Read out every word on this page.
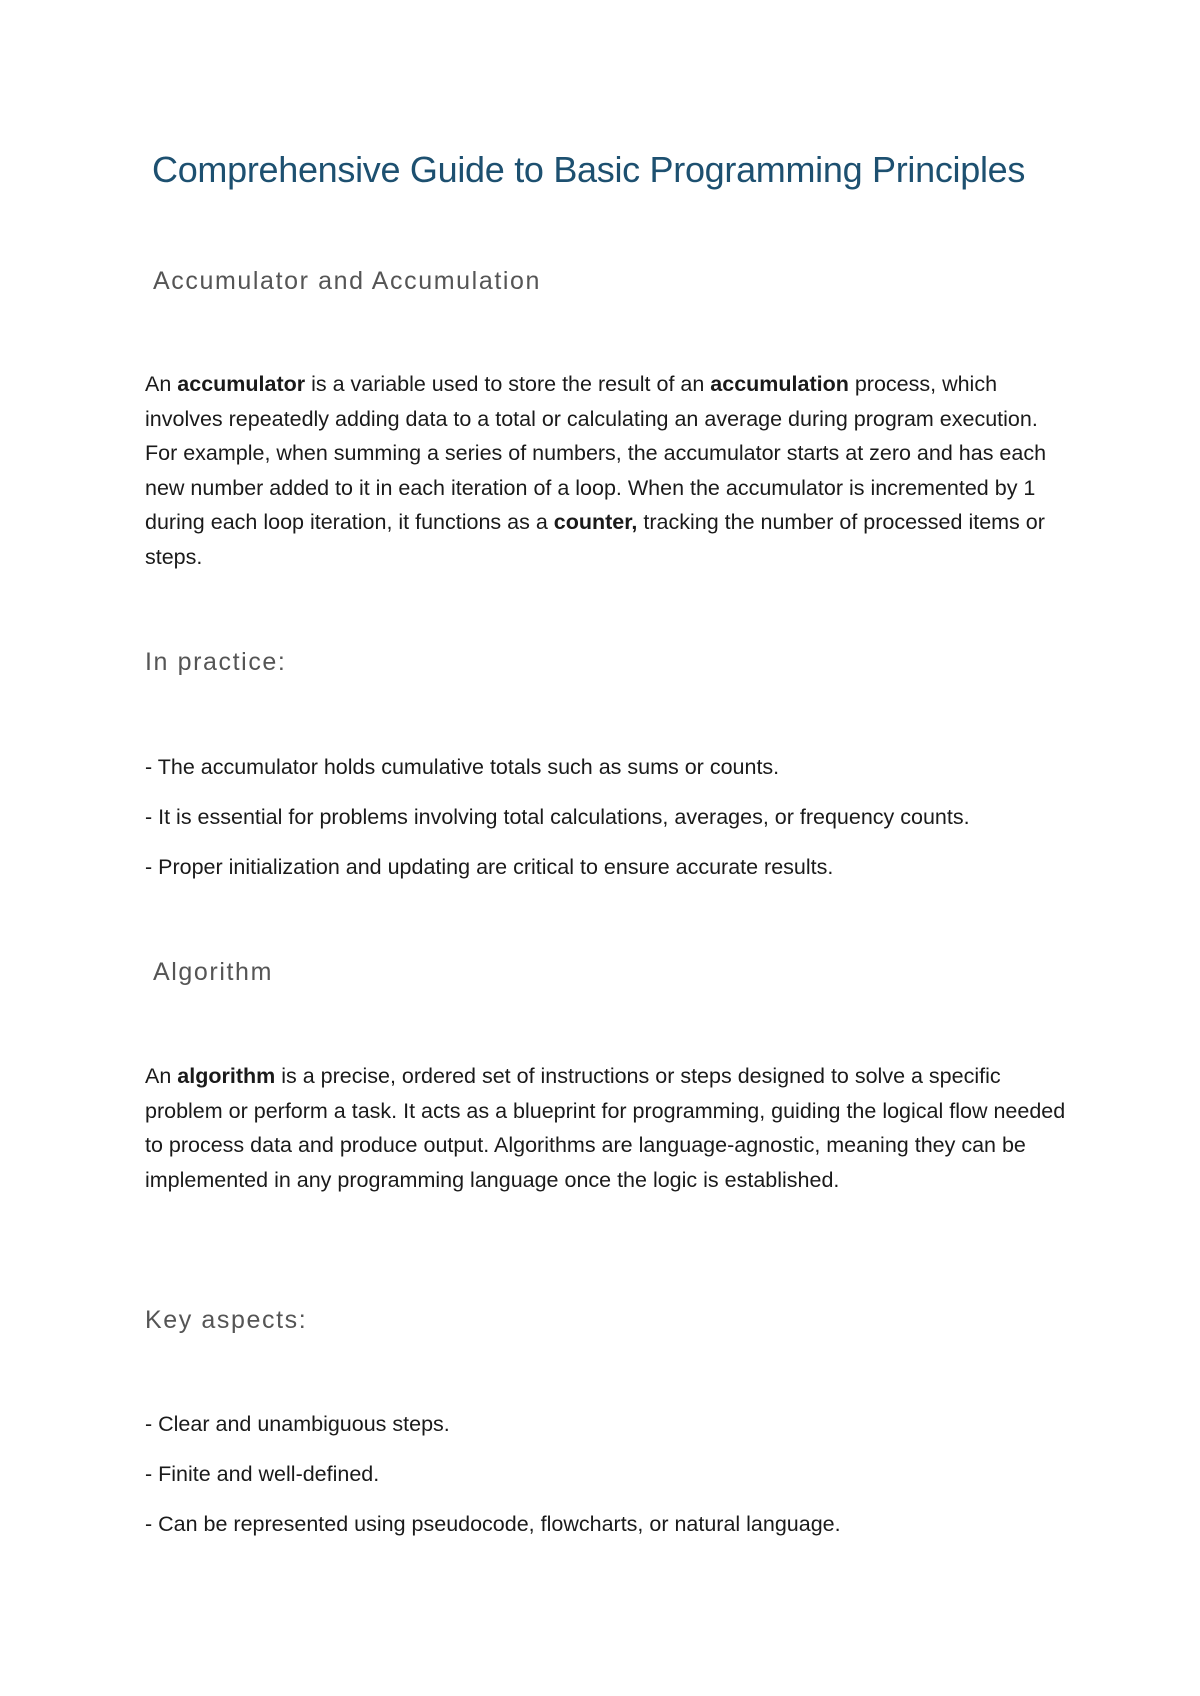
Comprehensive Guide to Basic Programming Principles
Accumulator and Accumulation

An accumulator is a variable used to store the result of an accumulation process, which involves repeatedly adding data to a total or calculating an average during program execution. For example, when summing a series of numbers, the accumulator starts at zero and has each new number added to it in each iteration of a loop. When the accumulator is incremented by 1 during each loop iteration, it functions as a counter, tracking the number of processed items or steps.

In practice:
- The accumulator holds cumulative totals such as sums or counts.
- It is essential for problems involving total calculations, averages, or frequency counts.
- Proper initialization and updating are critical to ensure accurate results.
Algorithm

An algorithm is a precise, ordered set of instructions or steps designed to solve a specific problem or perform a task. It acts as a blueprint for programming, guiding the logical flow needed to process data and produce output. Algorithms are language-agnostic, meaning they can be implemented in any programming language once the logic is established.

Key aspects:
- Clear and unambiguous steps.
- Finite and well-defined.
- Can be represented using pseudocode, flowcharts, or natural language.
